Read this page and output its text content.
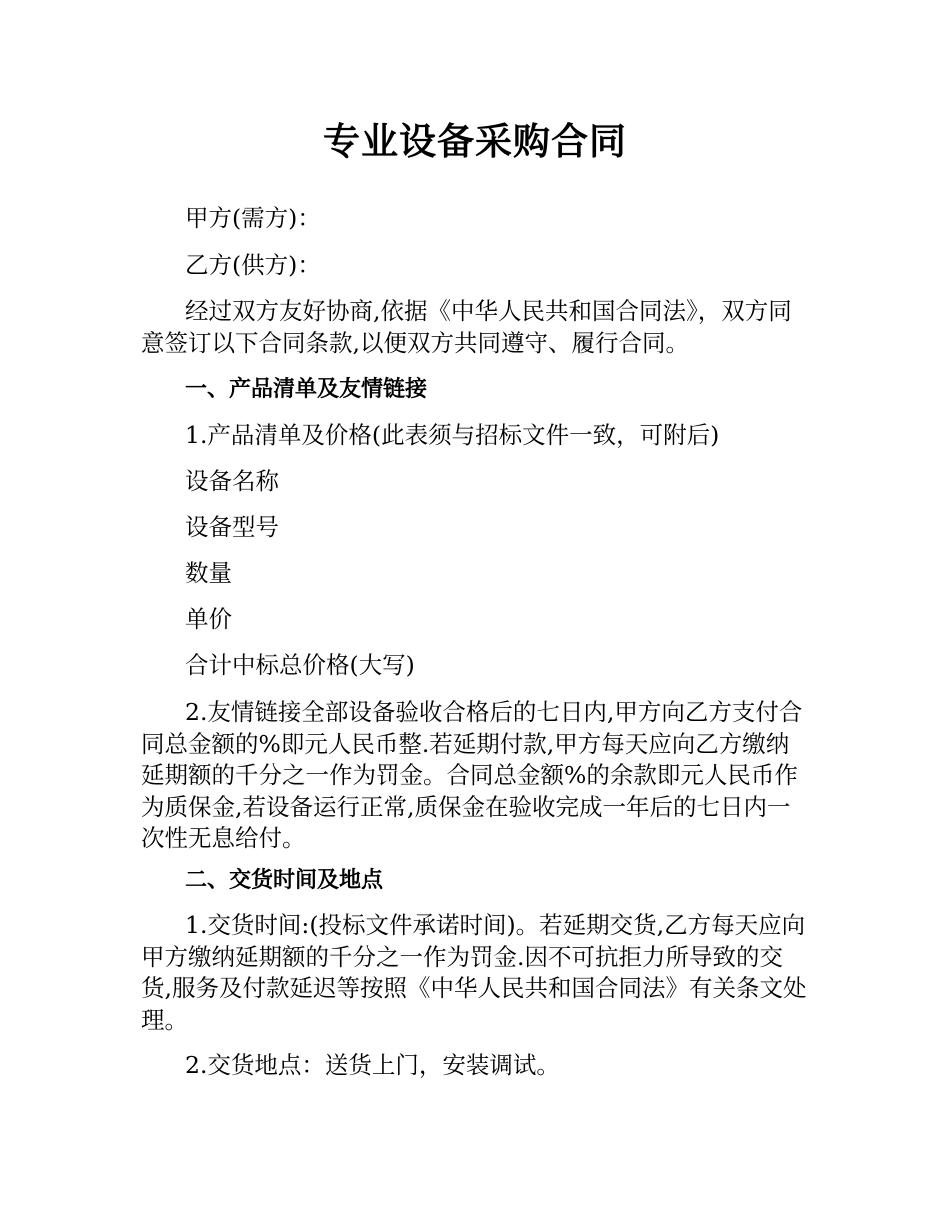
专业设备采购合同

甲方(需方)：

乙方(供方)：

经过双方友好协商,依据《中华人民共和国合同法》，双方同意签订以下合同条款,以便双方共同遵守、履行合同。

一、产品清单及友情链接

1.产品清单及价格(此表须与招标文件一致，可附后)

设备名称

设备型号

数量

单价

合计中标总价格(大写)

2.友情链接全部设备验收合格后的七日内,甲方向乙方支付合同总金额的%即元人民币整.若延期付款,甲方每天应向乙方缴纳延期额的千分之一作为罚金。合同总金额%的余款即元人民币作为质保金,若设备运行正常,质保金在验收完成一年后的七日内一次性无息给付。

二、交货时间及地点

1.交货时间:(投标文件承诺时间)。若延期交货,乙方每天应向甲方缴纳延期额的千分之一作为罚金.因不可抗拒力所导致的交货,服务及付款延迟等按照《中华人民共和国合同法》有关条文处理。

2.交货地点：送货上门，安装调试。
